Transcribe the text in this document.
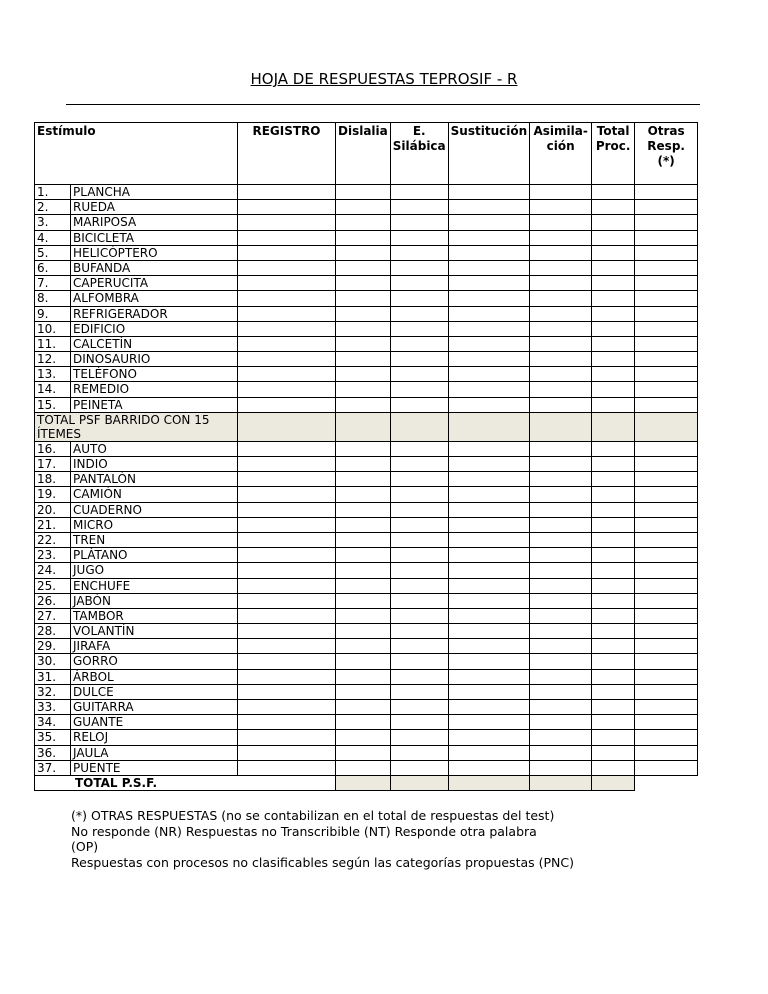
HOJA DE RESPUESTAS TEPROSIF - R
Estímulo		REGISTRO	Dislalia	E. Silábica	Sustitución	Asimila-ción	Total Proc.	Otras Resp. (*)
1.	PLANCHA							
2.	RUEDA							
3.	MARIPOSA							
4.	BICICLETA							
5.	HELICÓPTERO							
6.	BUFANDA							
7.	CAPERUCITA							
8.	ALFOMBRA							
9.	REFRIGERADOR							
10.	EDIFICIO							
11.	CALCETÍN							
12.	DINOSAURIO							
13.	TELÉFONO							
14.	REMEDIO							
15.	PEINETA							
TOTAL PSF BARRIDO CON 15 ÍTEMES								
16.	AUTO							
17.	INDIO							
18.	PANTALÓN							
19.	CAMIÓN							
20.	CUADERNO							
21.	MICRO							
22.	TREN							
23.	PLÁTANO							
24.	JUGO							
25.	ENCHUFE							
26.	JABÓN							
27.	TAMBOR							
28.	VOLANTÍN							
29.	JIRAFA							
30.	GORRO							
31.	ÁRBOL							
32.	DULCE							
33.	GUITARRA							
34.	GUANTE							
35.	RELOJ							
36.	JAULA							
37.	PUENTE							
TOTAL P.S.F.								
(*) OTRAS RESPUESTAS (no se contabilizan en el total de respuestas del test)
No responde (NR) Respuestas no Transcribible (NT) Responde otra palabra
(OP)
Respuestas con procesos no clasificables según las categorías propuestas (PNC)
